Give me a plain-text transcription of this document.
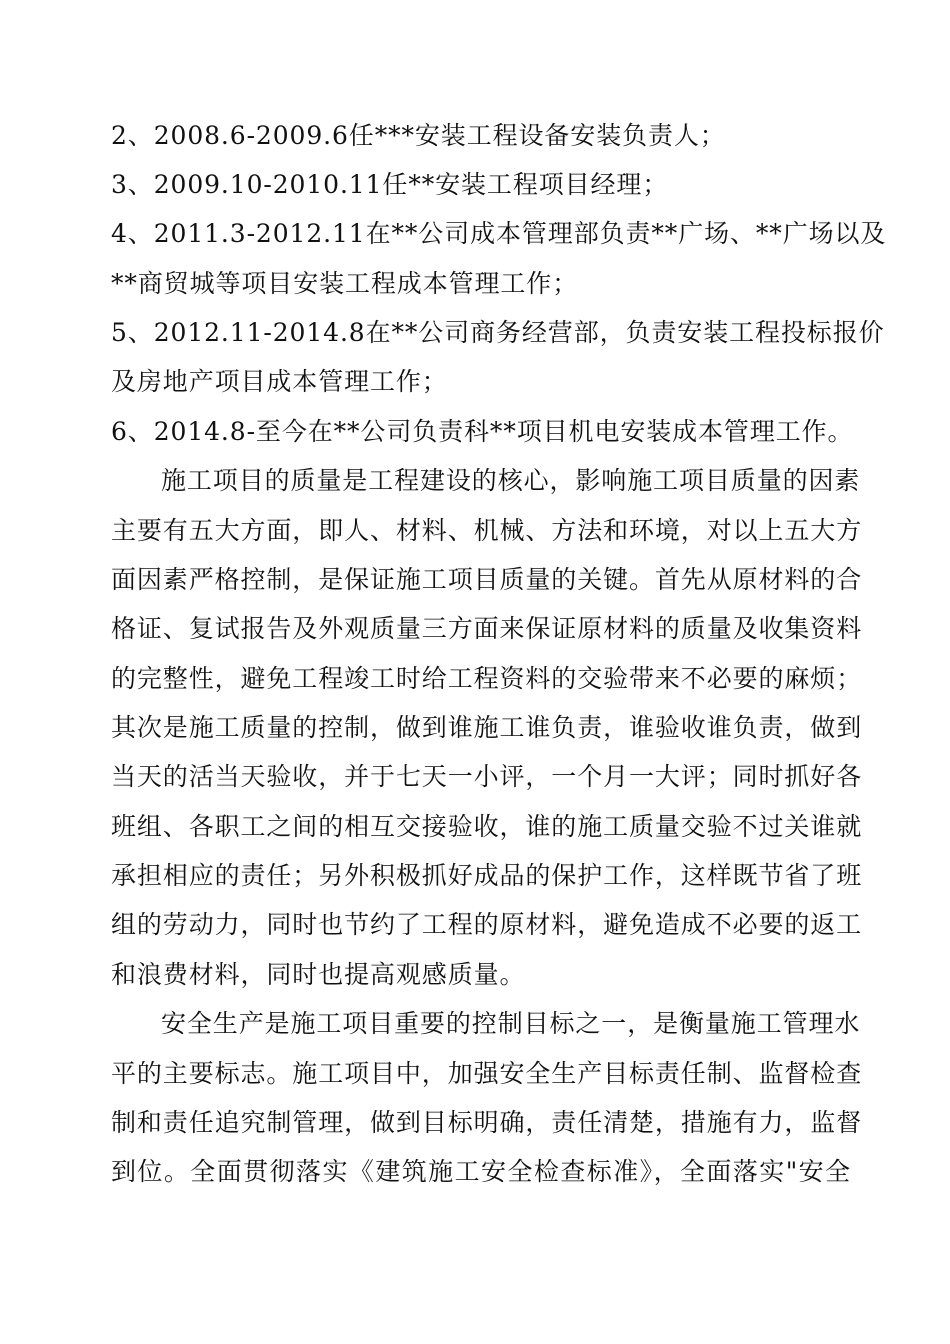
2、2008.6-2009.6任***安装工程设备安装负责人；
3、2009.10-2010.11任**安装工程项目经理；
4、2011.3-2012.11在**公司成本管理部负责**广场、**广场以及
**商贸城等项目安装工程成本管理工作；
5、2012.11-2014.8在**公司商务经营部，负责安装工程投标报价
及房地产项目成本管理工作；
6、2014.8-至今在**公司负责科**项目机电安装成本管理工作。
施工项目的质量是工程建设的核心，影响施工项目质量的因素
主要有五大方面，即人、材料、机械、方法和环境，对以上五大方
面因素严格控制，是保证施工项目质量的关键。首先从原材料的合
格证、复试报告及外观质量三方面来保证原材料的质量及收集资料
的完整性，避免工程竣工时给工程资料的交验带来不必要的麻烦；
其次是施工质量的控制，做到谁施工谁负责，谁验收谁负责，做到
当天的活当天验收，并于七天一小评，一个月一大评；同时抓好各
班组、各职工之间的相互交接验收，谁的施工质量交验不过关谁就
承担相应的责任；另外积极抓好成品的保护工作，这样既节省了班
组的劳动力，同时也节约了工程的原材料，避免造成不必要的返工
和浪费材料，同时也提高观感质量。
安全生产是施工项目重要的控制目标之一，是衡量施工管理水
平的主要标志。施工项目中，加强安全生产目标责任制、监督检查
制和责任追究制管理，做到目标明确，责任清楚，措施有力，监督
到位。全面贯彻落实《建筑施工安全检查标准》，全面落实"安全
